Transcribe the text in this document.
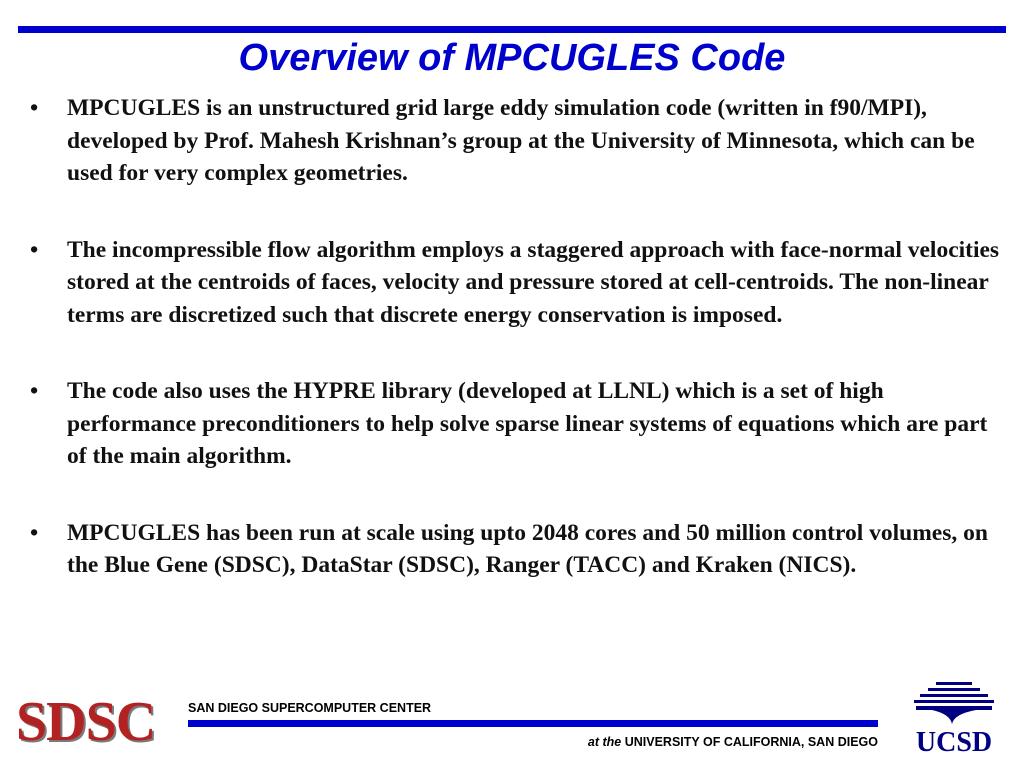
Overview of MPCUGLES Code
• MPCUGLES is an unstructured grid large eddy simulation code (written in f90/MPI), developed by Prof. Mahesh Krishnan’s group at the University of Minnesota, which can be used for very complex geometries.
• The incompressible flow algorithm employs a staggered approach with face-normal velocities stored at the centroids of faces, velocity and pressure stored at cell-centroids. The non-linear terms are discretized such that discrete energy conservation is imposed.
• The code also uses the HYPRE library (developed at LLNL) which is a set of high performance preconditioners to help solve sparse linear systems of equations which are part of the main algorithm.
• MPCUGLES has been run at scale using upto 2048 cores and 50 million control volumes, on the Blue Gene (SDSC), DataStar (SDSC), Ranger (TACC) and Kraken (NICS).
SDSC	SAN DIEGO SUPERCOMPUTER CENTER
at the UNIVERSITY OF CALIFORNIA, SAN DIEGO	UCSD
